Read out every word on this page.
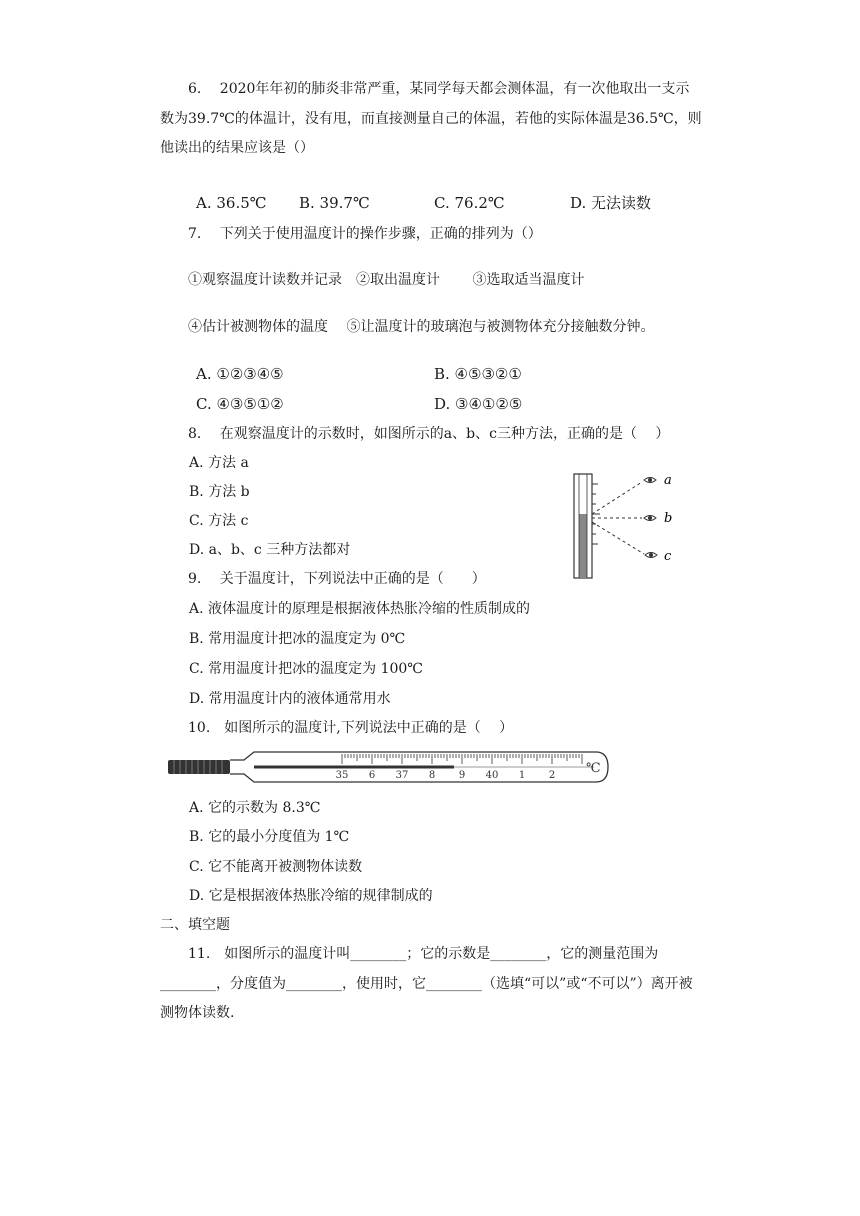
6.　 2020年年初的肺炎非常严重，某同学每天都会测体温，有一次他取出一支示
数为39.7℃的体温计，没有甩，而直接测量自己的体温，若他的实际体温是36.5℃，则
他读出的结果应该是（）
A. 36.5℃ B. 39.7℃	C. 76.2℃	D. 无法读数
7.　 下列关于使用温度计的操作步骤，正确的排列为（）
①观察温度计读数并记录　②取出温度计　 　③选取适当温度计
④估计被测物体的温度　 ⑤让温度计的玻璃泡与被测物体充分接触数分钟。
A. ①②③④⑤	B. ④⑤③②①
C. ④③⑤①②	D. ③④①②⑤
8.　 在观察温度计的示数时，如图所示的a、b、c三种方法，正确的是（　 ）
A. 方法 a
B. 方法 b
C. 方法 c
D. a、b、c 三种方法都对
a
b
c
9.　 关于温度计，下列说法中正确的是（　　）
A. 液体温度计的原理是根据液体热胀冷缩的性质制成的
B. 常用温度计把冰的温度定为 0℃
C. 常用温度计把冰的温度定为 100℃
D. 常用温度计内的液体通常用水
10.　如图所示的温度计,下列说法中正确的是（　 ）
35 6 37 8 9 40 1 2 ℃
A. 它的示数为 8.3℃
B. 它的最小分度值为 1℃
C. 它不能离开被测物体读数
D. 它是根据液体热胀冷缩的规律制成的
二、填空题
11.　如图所示的温度计叫________；它的示数是________，它的测量范围为
________，分度值为________，使用时，它________（选填“可以”或“不可以”）离开被
测物体读数.
